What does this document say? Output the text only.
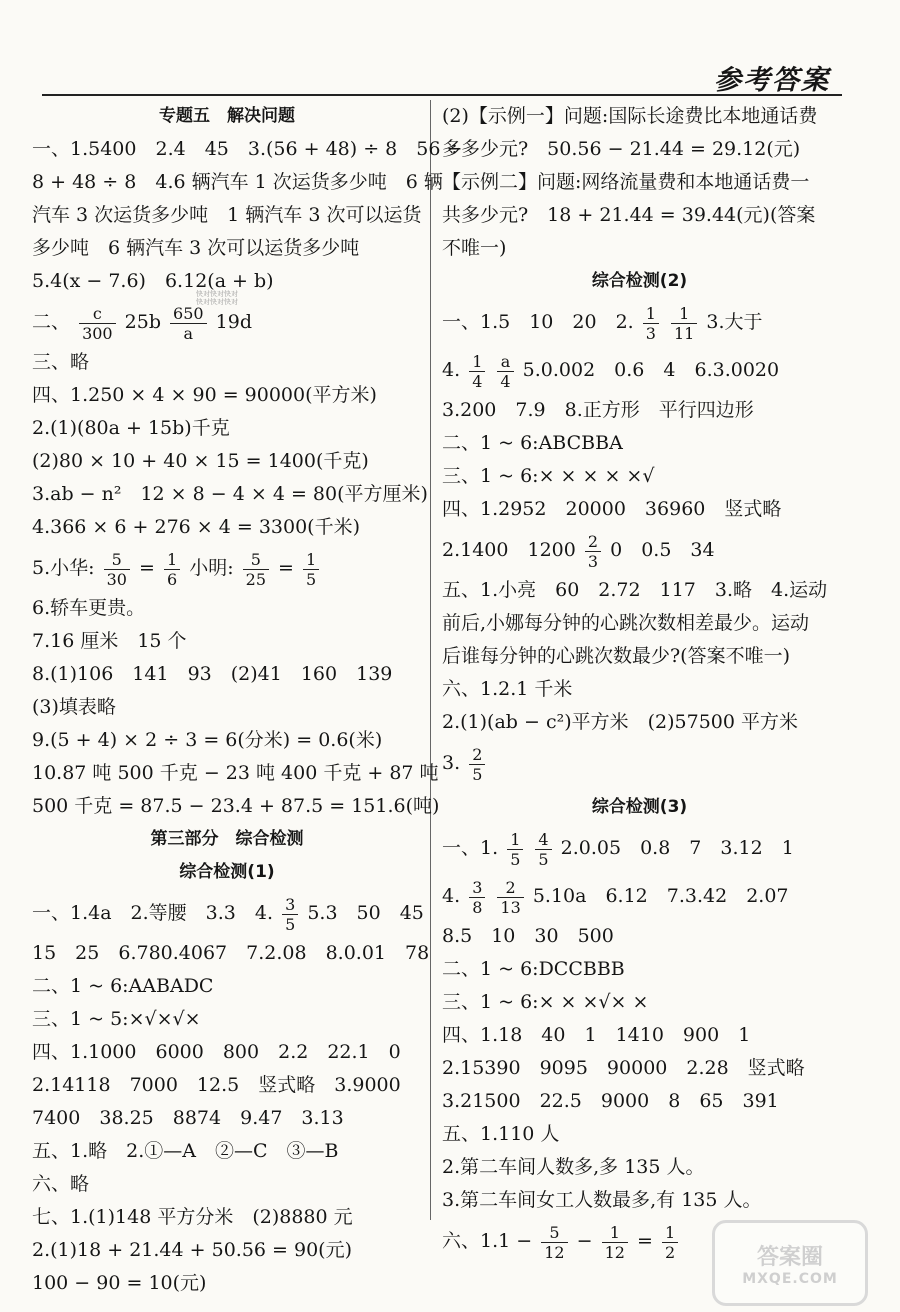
参考答案
专题五　解决问题
一、1.5400　2.4　45　3.(56 + 48) ÷ 8　56 ÷
8 + 48 ÷ 8　4.6 辆汽车 1 次运货多少吨　6 辆
汽车 3 次运货多少吨　1 辆汽车 3 次可以运货
多少吨　6 辆汽车 3 次可以运货多少吨
5.4(x − 7.6)　6.12(a + b)
二、 $\frac{c}{300} 25b \frac{650}{a} 19d$
三、略
四、1.250 × 4 × 90 = 90000(平方米)
2.(1)(80a + 15b)千克
(2)80 × 10 + 40 × 15 = 1400(千克)
3.ab − n²　12 × 8 − 4 × 4 = 80(平方厘米)
4.366 × 6 + 276 × 4 = 3300(千米)
5.小华: $\frac{5}{30} = \frac{1}{6}$ 小明: $\frac{5}{25} = \frac{1}{5}$
6.轿车更贵。
7.16 厘米　15 个
8.(1)106　141　93　(2)41　160　139
(3)填表略
9.(5 + 4) × 2 ÷ 3 = 6(分米) = 0.6(米)
10.87 吨 500 千克 − 23 吨 400 千克 + 87 吨
500 千克 = 87.5 − 23.4 + 87.5 = 151.6(吨)
第三部分　综合检测
综合检测(1)
一、1.4a　2.等腰　3.3　4. $\frac{3}{5} 5.3$　50　45
15　25　6.780.4067　7.2.08　8.0.01　78
二、1 ~ 6:AABADC
三、1 ~ 5:×√×√×
四、1.1000　6000　800　2.2　22.1　0
2.14118　7000　12.5　竖式略　3.9000
7400　38.25　8874　9.47　3.13
五、1.略　2.①—A　②—C　③—B
六、略
七、1.(1)148 平方分米　(2)8880 元
2.(1)18 + 21.44 + 50.56 = 90(元)
100 − 90 = 10(元)
(2)【示例一】问题:国际长途费比本地通话费
多多少元?　50.56 − 21.44 = 29.12(元)
【示例二】问题:网络流量费和本地通话费一
共多少元?　18 + 21.44 = 39.44(元)(答案
不唯一)
综合检测(2)
一、1.5　10　20　2. $\frac{1}{3}$
$\frac{1}{11} 3$.大于
4. $\frac{1}{4}$
$\frac{a}{4} 5.0.002$　0.6　4　6.3.0020
3.200　7.9　8.正方形　平行四边形
二、1 ~ 6:ABCBBA
三、1 ~ 6:× × × × ×√
四、1.2952　20000　36960　竖式略
2.1400　$1200 \frac{2}{3} 0$　0.5　34
五、1.小亮　60　2.72　117　3.略　4.运动
前后,小娜每分钟的心跳次数相差最少。运动
后谁每分钟的心跳次数最少?(答案不唯一)
六、1.2.1 千米
2.(1)(ab − c²)平方米　(2)57500 平方米
3. $\frac{2}{5}$
综合检测(3)
一、1. $\frac{1}{5}$
$\frac{4}{5} 2.0.05$　0.8　7　3.12　1
4. $\frac{3}{8}$
$\frac{2}{13} 5.10a$　6.12　7.3.42　2.07
8.5　10　30　500
二、1 ~ 6:DCCBBB
三、1 ~ 6:× × ×√× ×
四、1.18　40　1　1410　900　1
2.15390　9095　90000　2.28　竖式略
3.21500　22.5　9000　8　65　391
五、1.110 人
2.第二车间人数多,多 135 人。
3.第二车间女工人数最多,有 135 人。
六、$1.1 - \frac{5}{12} - \frac{1}{12} = \frac{1}{2}$
快对快对快对
快对快对快对
答案圈
MXQE.COM
